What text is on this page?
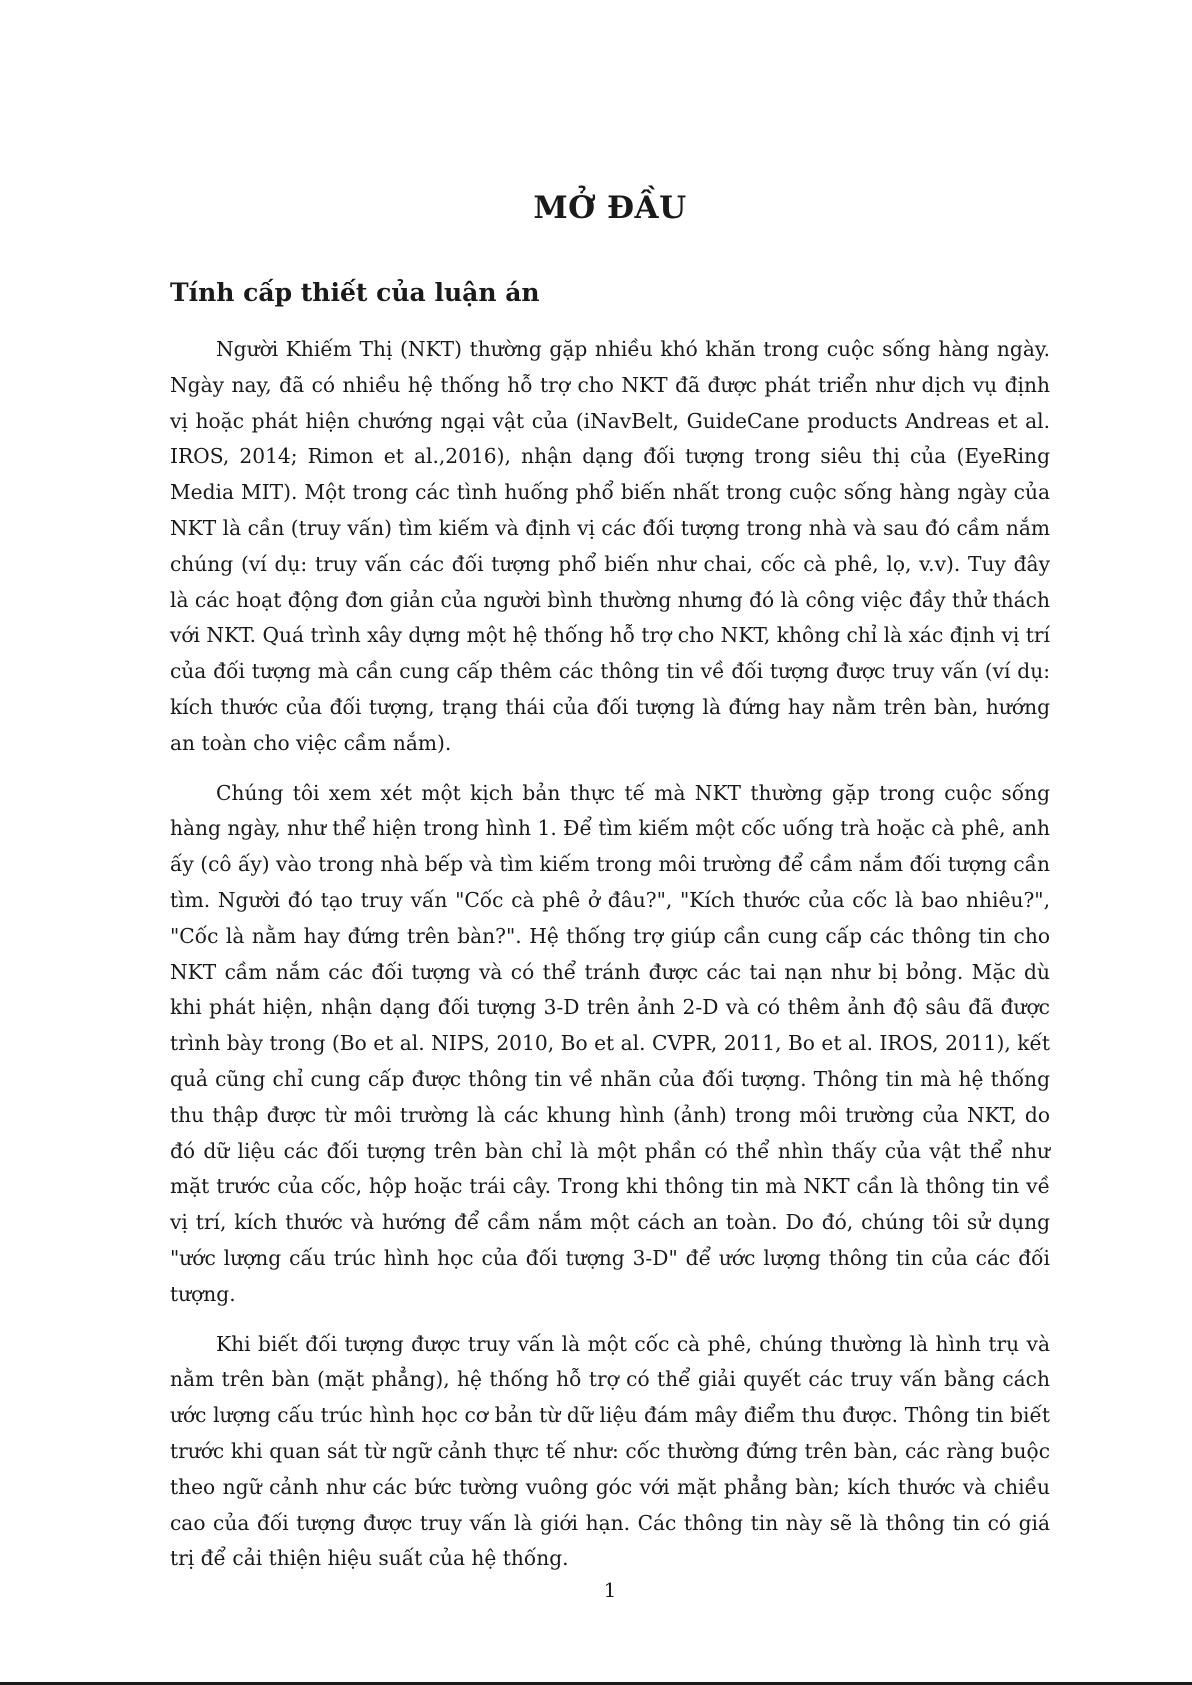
MỞ ĐẦU
Tính cấp thiết của luận án

Người Khiếm Thị (NKT) thường gặp nhiều khó khăn trong cuộc sống hàng ngày. Ngày nay, đã có nhiều hệ thống hỗ trợ cho NKT đã được phát triển như dịch vụ định vị hoặc phát hiện chướng ngại vật của (iNavBelt, GuideCane products Andreas et al. IROS, 2014; Rimon et al.,2016), nhận dạng đối tượng trong siêu thị của (EyeRing Media MIT). Một trong các tình huống phổ biến nhất trong cuộc sống hàng ngày của NKT là cần (truy vấn) tìm kiếm và định vị các đối tượng trong nhà và sau đó cầm nắm chúng (ví dụ: truy vấn các đối tượng phổ biến như chai, cốc cà phê, lọ, v.v). Tuy đây là các hoạt động đơn giản của người bình thường nhưng đó là công việc đầy thử thách với NKT. Quá trình xây dựng một hệ thống hỗ trợ cho NKT, không chỉ là xác định vị trí của đối tượng mà cần cung cấp thêm các thông tin về đối tượng được truy vấn (ví dụ: kích thước của đối tượng, trạng thái của đối tượng là đứng hay nằm trên bàn, hướng an toàn cho việc cầm nắm).

Chúng tôi xem xét một kịch bản thực tế mà NKT thường gặp trong cuộc sống hàng ngày, như thể hiện trong hình 1. Để tìm kiếm một cốc uống trà hoặc cà phê, anh ấy (cô ấy) vào trong nhà bếp và tìm kiếm trong môi trường để cầm nắm đối tượng cần tìm. Người đó tạo truy vấn "Cốc cà phê ở đâu?", "Kích thước của cốc là bao nhiêu?", "Cốc là nằm hay đứng trên bàn?". Hệ thống trợ giúp cần cung cấp các thông tin cho NKT cầm nắm các đối tượng và có thể tránh được các tai nạn như bị bỏng. Mặc dù khi phát hiện, nhận dạng đối tượng 3-D trên ảnh 2-D và có thêm ảnh độ sâu đã được trình bày trong (Bo et al. NIPS, 2010, Bo et al. CVPR, 2011, Bo et al. IROS, 2011), kết quả cũng chỉ cung cấp được thông tin về nhãn của đối tượng. Thông tin mà hệ thống thu thập được từ môi trường là các khung hình (ảnh) trong môi trường của NKT, do đó dữ liệu các đối tượng trên bàn chỉ là một phần có thể nhìn thấy của vật thể như mặt trước của cốc, hộp hoặc trái cây. Trong khi thông tin mà NKT cần là thông tin về vị trí, kích thước và hướng để cầm nắm một cách an toàn. Do đó, chúng tôi sử dụng "ước lượng cấu trúc hình học của đối tượng 3-D" để ước lượng thông tin của các đối tượng.

Khi biết đối tượng được truy vấn là một cốc cà phê, chúng thường là hình trụ và nằm trên bàn (mặt phẳng), hệ thống hỗ trợ có thể giải quyết các truy vấn bằng cách ước lượng cấu trúc hình học cơ bản từ dữ liệu đám mây điểm thu được. Thông tin biết trước khi quan sát từ ngữ cảnh thực tế như: cốc thường đứng trên bàn, các ràng buộc theo ngữ cảnh như các bức tường vuông góc với mặt phẳng bàn; kích thước và chiều cao của đối tượng được truy vấn là giới hạn. Các thông tin này sẽ là thông tin có giá trị để cải thiện hiệu suất của hệ thống.

1
